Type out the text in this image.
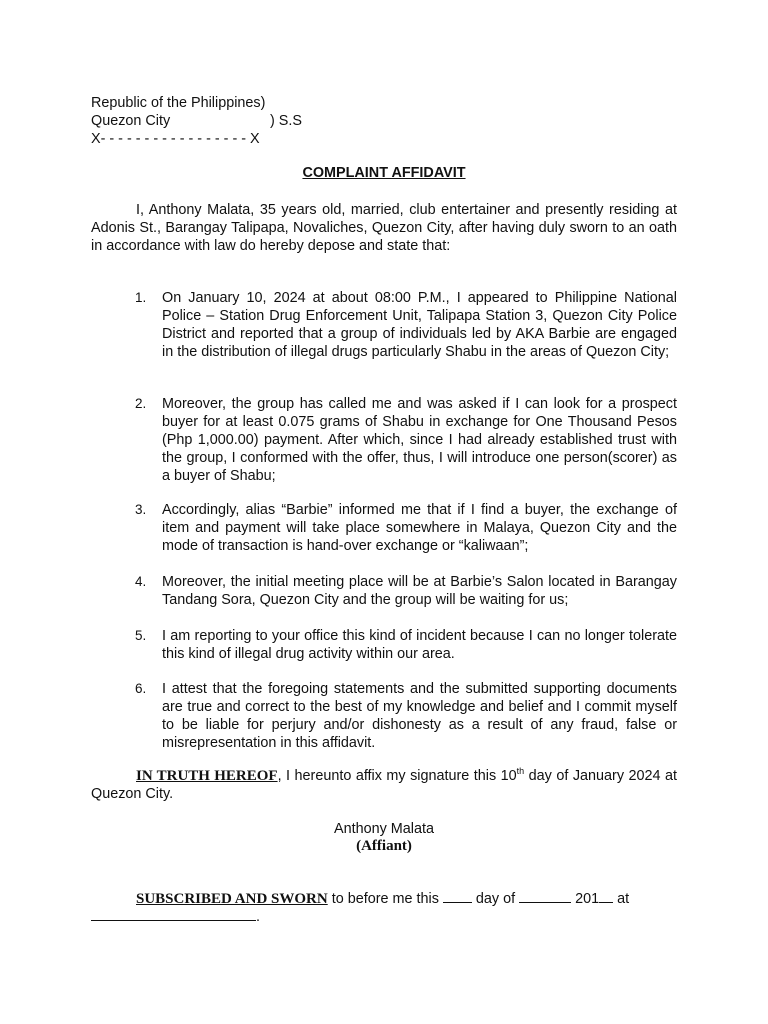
Republic of the Philippines)
Quezon City	) S.S
X- - - - - - - - - - - - - - - - - X
COMPLAINT AFFIDAVIT

I, Anthony Malata, 35 years old, married, club entertainer and presently residing at Adonis St., Barangay Talipapa, Novaliches, Quezon City, after having duly sworn to an oath in accordance with law do hereby depose and state that:

1.	On January 10, 2024 at about 08:00 P.M., I appeared to Philippine National Police – Station Drug Enforcement Unit, Talipapa Station 3, Quezon City Police District and reported that a group of individuals led by AKA Barbie are engaged in the distribution of illegal drugs particularly Shabu in the areas of Quezon City;
2.	Moreover, the group has called me and was asked if I can look for a prospect buyer for at least 0.075 grams of Shabu in exchange for One Thousand Pesos (Php 1,000.00) payment. After which, since I had already established trust with the group, I conformed with the offer, thus, I will introduce one person(scorer) as a buyer of Shabu;
3.	Accordingly, alias “Barbie” informed me that if I find a buyer, the exchange of item and payment will take place somewhere in Malaya, Quezon City and the mode of transaction is hand-over exchange or “kaliwaan”;
4.	Moreover, the initial meeting place will be at Barbie’s Salon located in Barangay Tandang Sora, Quezon City and the group will be waiting for us;
5.	I am reporting to your office this kind of incident because I can no longer tolerate this kind of illegal drug activity within our area.
6.	I attest that the foregoing statements and the submitted supporting documents are true and correct to the best of my knowledge and belief and I commit myself to be liable for perjury and/or dishonesty as a result of any fraud, false or misrepresentation in this affidavit.

IN TRUTH HEREOF, I hereunto affix my signature this 10th day of January 2024 at Quezon City.

Anthony Malata
(Affiant)

SUBSCRIBED AND SWORN to before me this  day of	201 at
.
